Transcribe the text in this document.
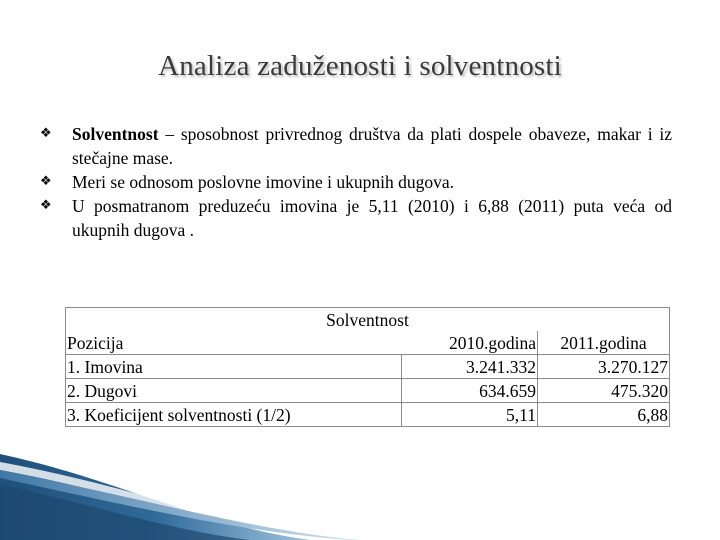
Analiza zaduženosti i solventnosti
❖ Solventnost – sposobnost privrednog društva da plati dospele obaveze, makar i iz stečajne mase.
❖ Meri se odnosom poslovne imovine i ukupnih dugova.
❖ U posmatranom preduzeću imovina je 5,11 (2010) i 6,88 (2011) puta veća od ukupnih dugova .
Solventnost		
Pozicija	2010.godina	2011.godina
1. Imovina	3.241.332	3.270.127
2. Dugovi	634.659	475.320
3. Koeficijent solventnosti (1/2)	5,11	6,88
